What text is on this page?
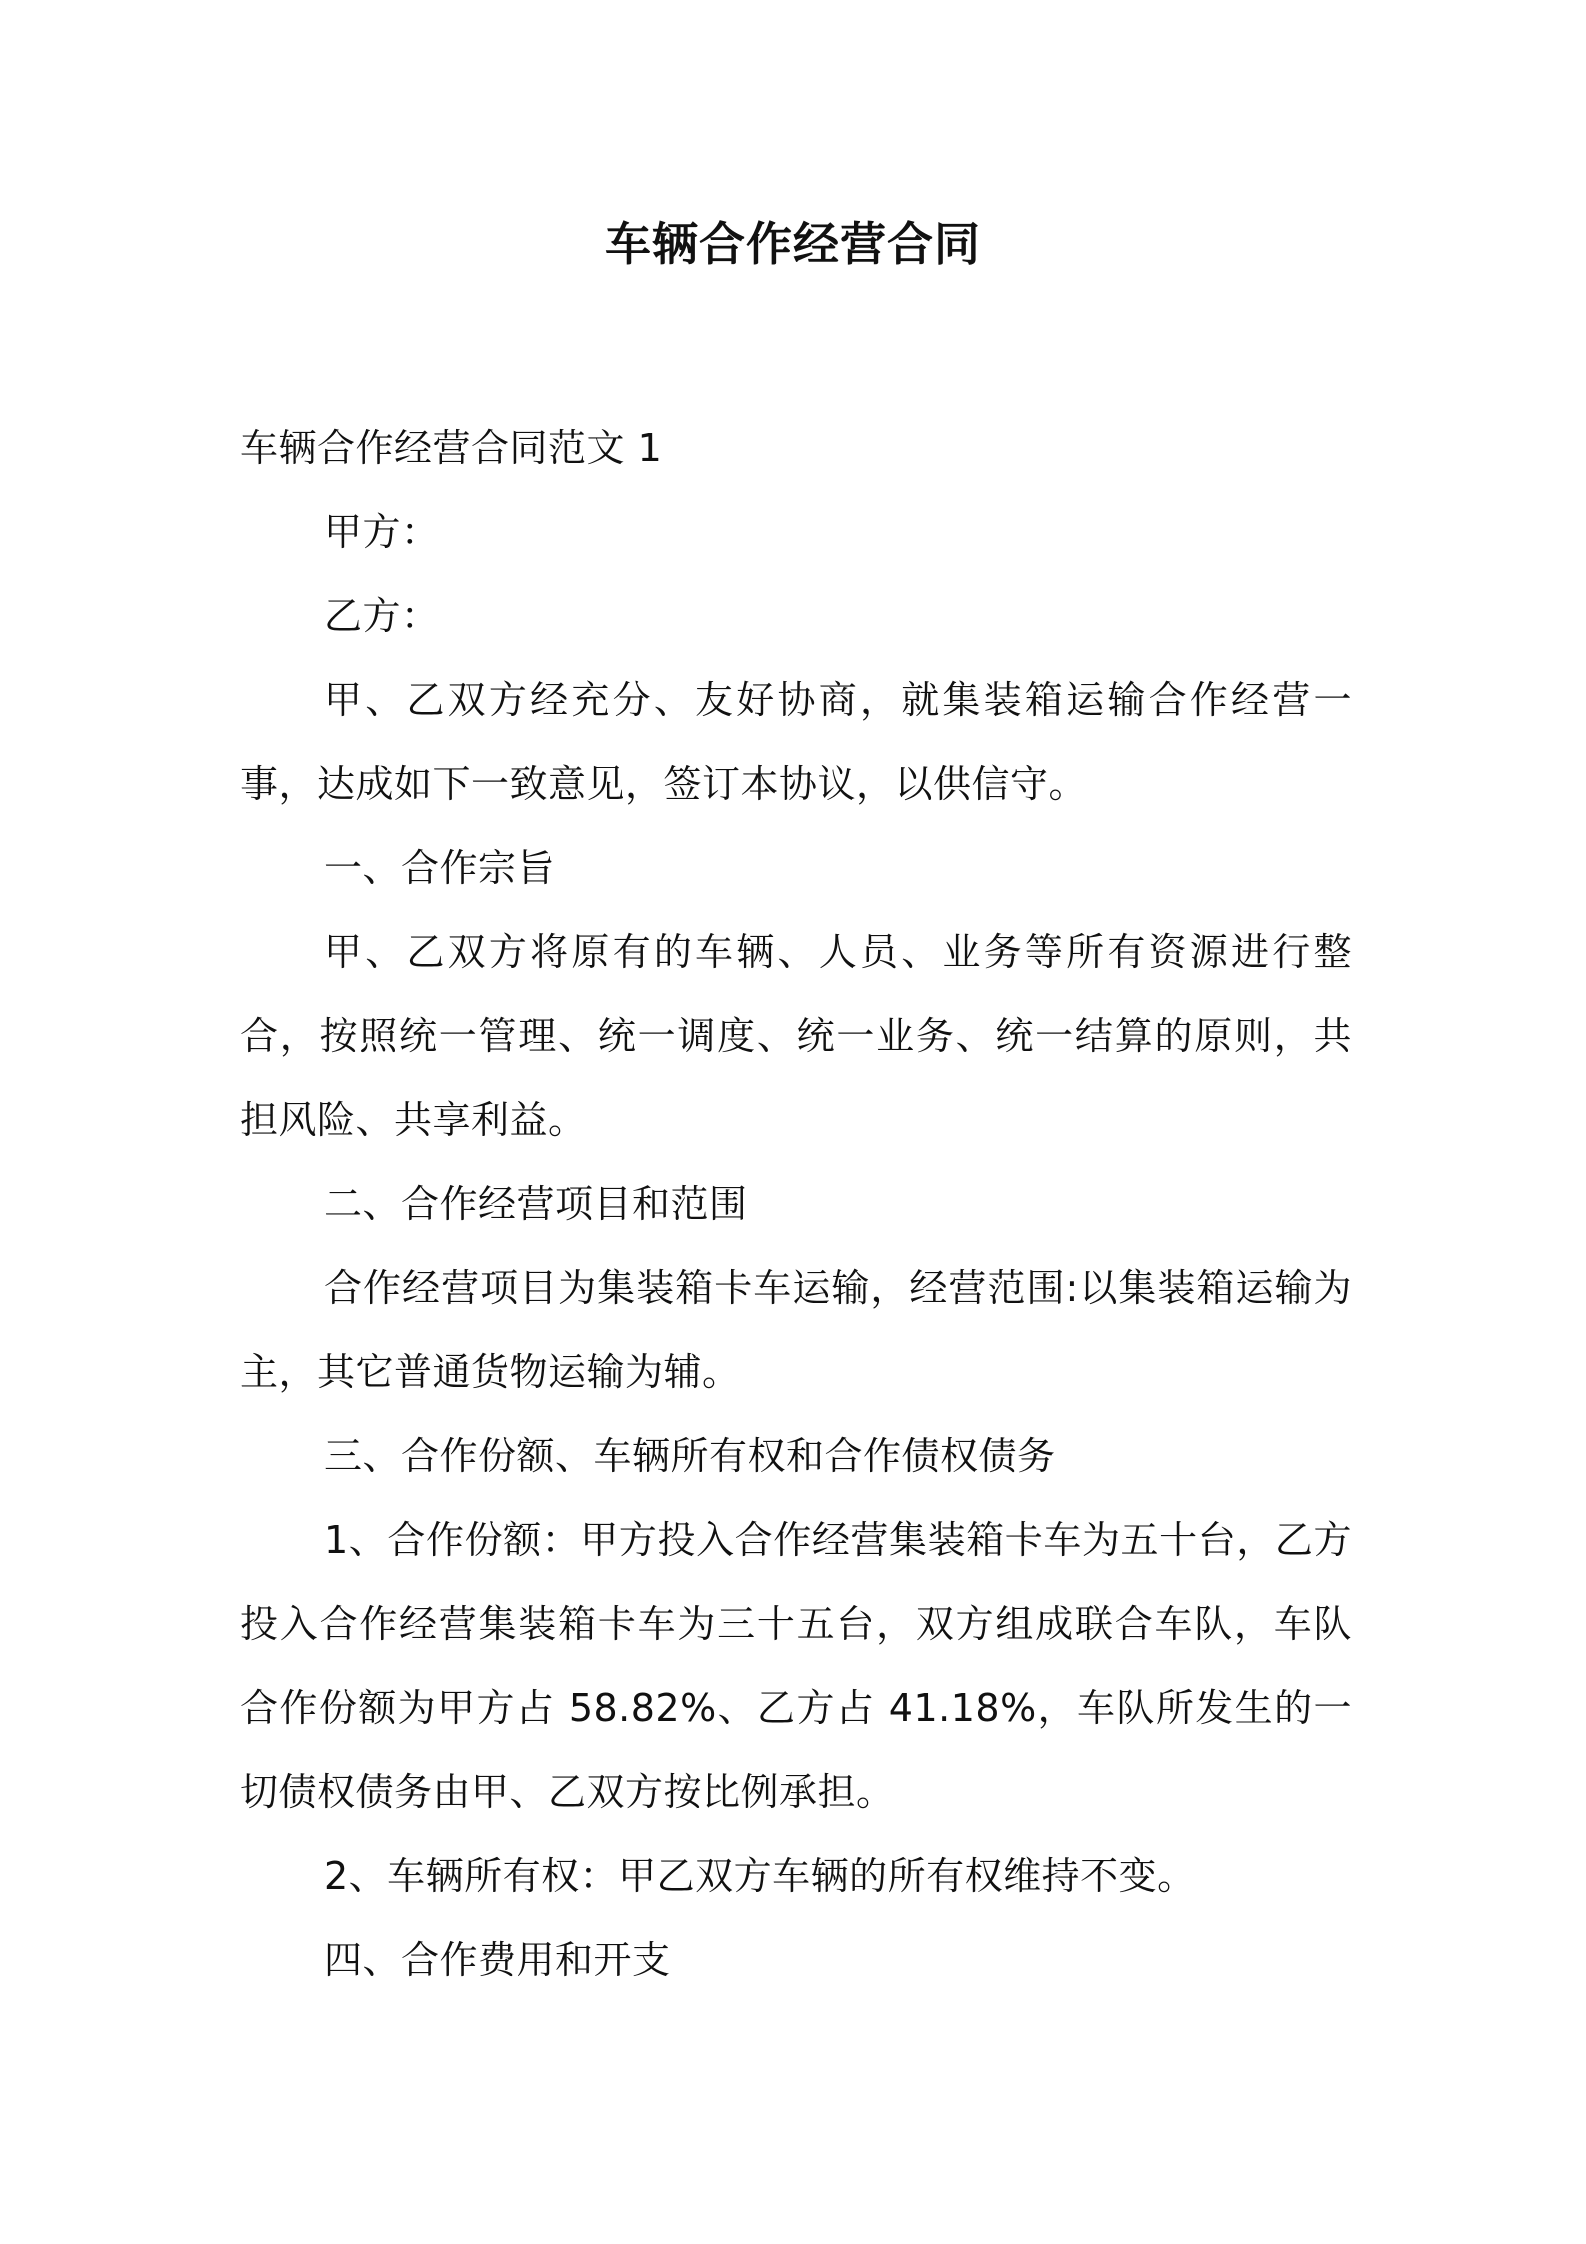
车辆合作经营合同

车辆合作经营合同范文 1

甲方：

乙方：

甲、乙双方经充分、友好协商，就集装箱运输合作经营一事，达成如下一致意见，签订本协议，以供信守。

一、合作宗旨

甲、乙双方将原有的车辆、人员、业务等所有资源进行整合，按照统一管理、统一调度、统一业务、统一结算的原则，共担风险、共享利益。

二、合作经营项目和范围

合作经营项目为集装箱卡车运输，经营范围:以集装箱运输为主，其它普通货物运输为辅。

三、合作份额、车辆所有权和合作债权债务

1、合作份额：甲方投入合作经营集装箱卡车为五十台，乙方投入合作经营集装箱卡车为三十五台，双方组成联合车队，车队合作份额为甲方占 58.82%、乙方占 41.18%，车队所发生的一切债权债务由甲、乙双方按比例承担。

2、车辆所有权：甲乙双方车辆的所有权维持不变。

四、合作费用和开支
